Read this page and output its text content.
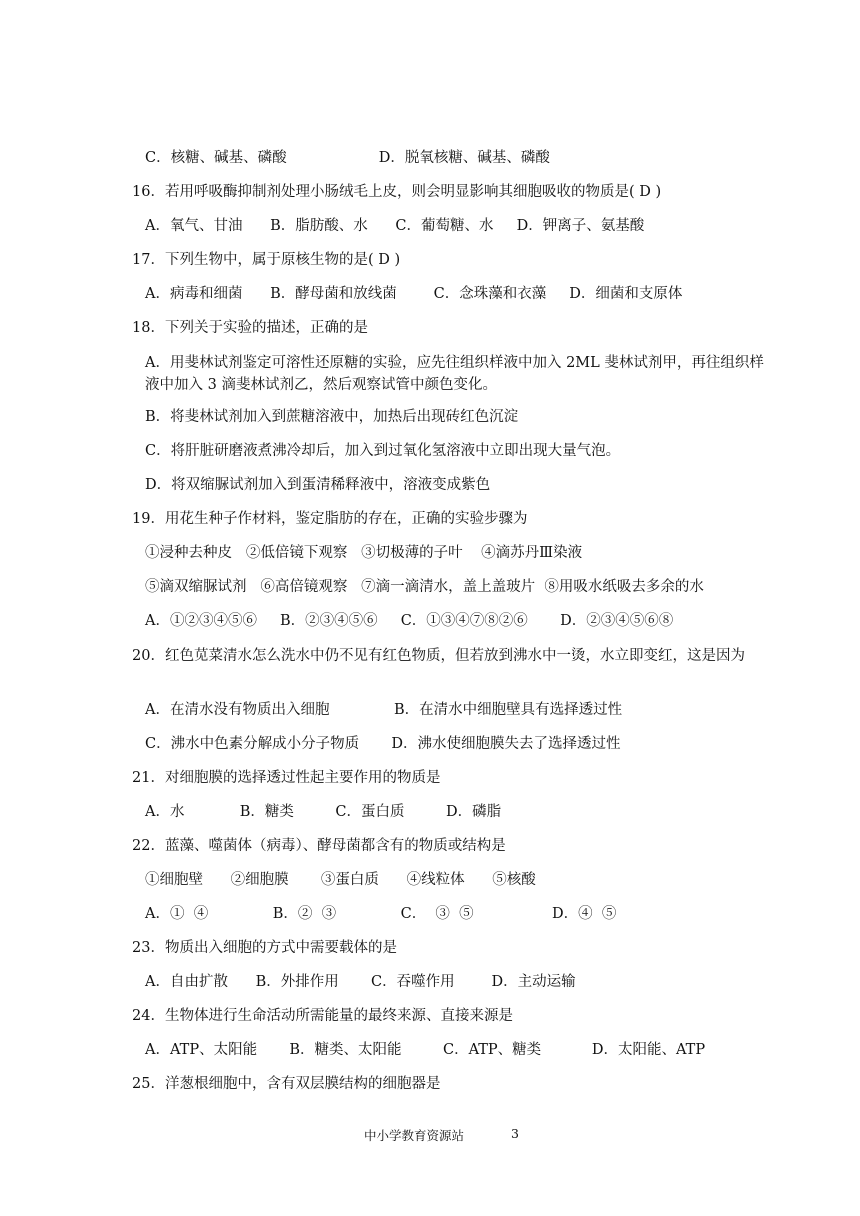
C．核糖、碱基、磷酸                    D．脱氧核糖、碱基、磷酸
16．若用呼吸酶抑制剂处理小肠绒毛上皮，则会明显影响其细胞吸收的物质是( D )
A．氧气、甘油      B．脂肪酸、水      C．葡萄糖、水     D．钾离子、氨基酸
17．下列生物中，属于原核生物的是( D )
A．病毒和细菌      B．酵母菌和放线菌        C．念珠藻和衣藻     D．细菌和支原体
18．下列关于实验的描述，正确的是
A．用斐林试剂鉴定可溶性还原糖的实验，应先往组织样液中加入 2ML 斐林试剂甲，再往组织样液中加入 3 滴斐林试剂乙，然后观察试管中颜色变化。
B．将斐林试剂加入到蔗糖溶液中，加热后出现砖红色沉淀
C．将肝脏研磨液煮沸冷却后，加入到过氧化氢溶液中立即出现大量气泡。
D．将双缩脲试剂加入到蛋清稀释液中，溶液变成紫色
19．用花生种子作材料，鉴定脂肪的存在，正确的实验步骤为
①浸种去种皮   ②低倍镜下观察   ③切极薄的子叶    ④滴苏丹Ⅲ染液
⑤滴双缩脲试剂   ⑥高倍镜观察   ⑦滴一滴清水，盖上盖玻片  ⑧用吸水纸吸去多余的水
A．①②③④⑤⑥     B．②③④⑤⑥     C．①③④⑦⑧②⑥       D．②③④⑤⑥⑧
20．红色苋菜清水怎么洗水中仍不见有红色物质，但若放到沸水中一烫，水立即变红，这是因为
A．在清水没有物质出入细胞              B．在清水中细胞壁具有选择透过性
C．沸水中色素分解成小分子物质       D．沸水使细胞膜失去了选择透过性
21．对细胞膜的选择透过性起主要作用的物质是
A．水            B．糖类         C．蛋白质         D．磷脂
22．蓝藻、噬菌体（病毒）、酵母菌都含有的物质或结构是
①细胞壁      ②细胞膜       ③蛋白质      ④线粒体      ⑤核酸
A．①  ④              B．②  ③              C．  ③  ⑤                 D．④  ⑤
23．物质出入细胞的方式中需要载体的是
A．自由扩散      B．外排作用       C．吞噬作用        D．主动运输
24．生物体进行生命活动所需能量的最终来源、直接来源是
A．ATP、太阳能       B．糖类、太阳能         C．ATP、糖类           D．太阳能、ATP
25．洋葱根细胞中，含有双层膜结构的细胞器是
中小学教育资源站	3
